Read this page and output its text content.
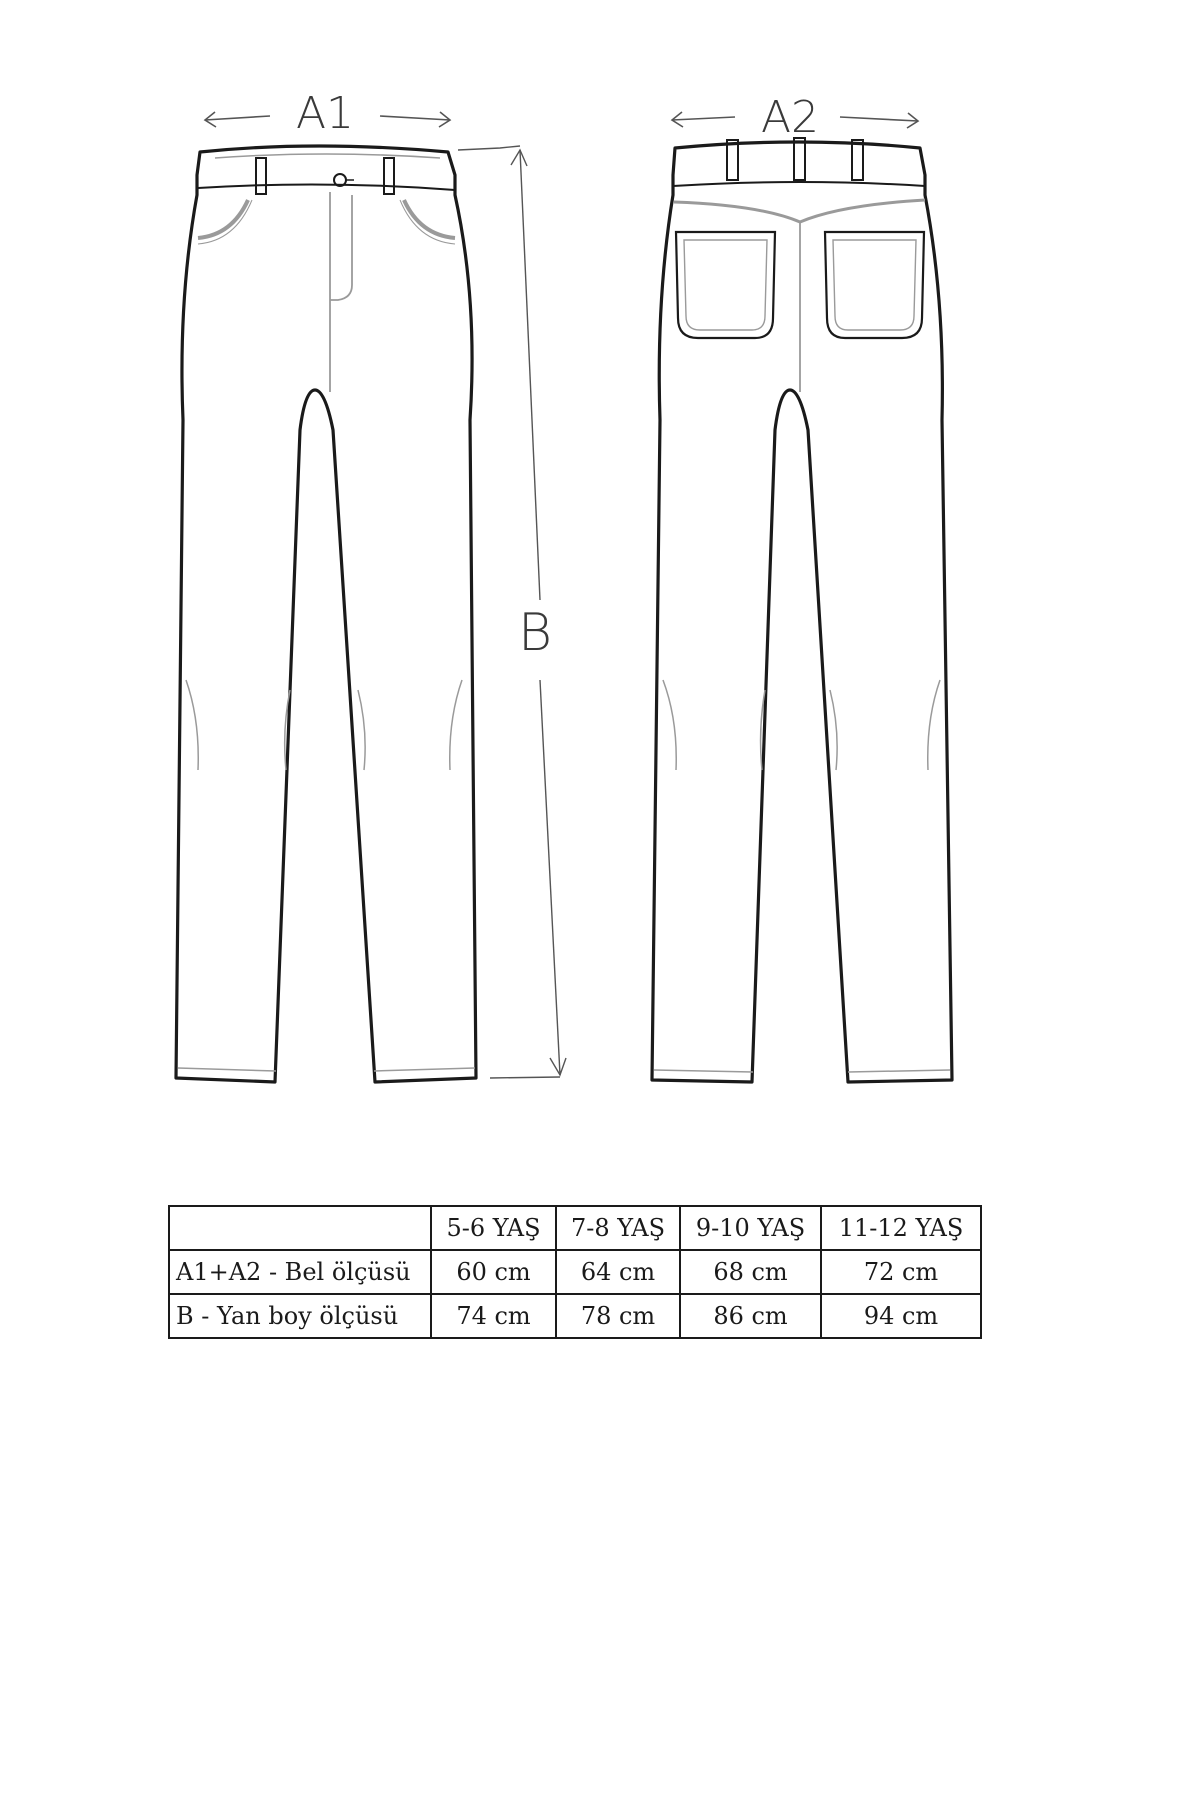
A1	A2
B
	5-6 YAŞ	7-8 YAŞ	9-10 YAŞ	11-12 YAŞ
A1+A2 - Bel ölçüsü	60 cm	64 cm	68 cm	72 cm
B - Yan boy ölçüsü	74 cm	78 cm	86 cm	94 cm
